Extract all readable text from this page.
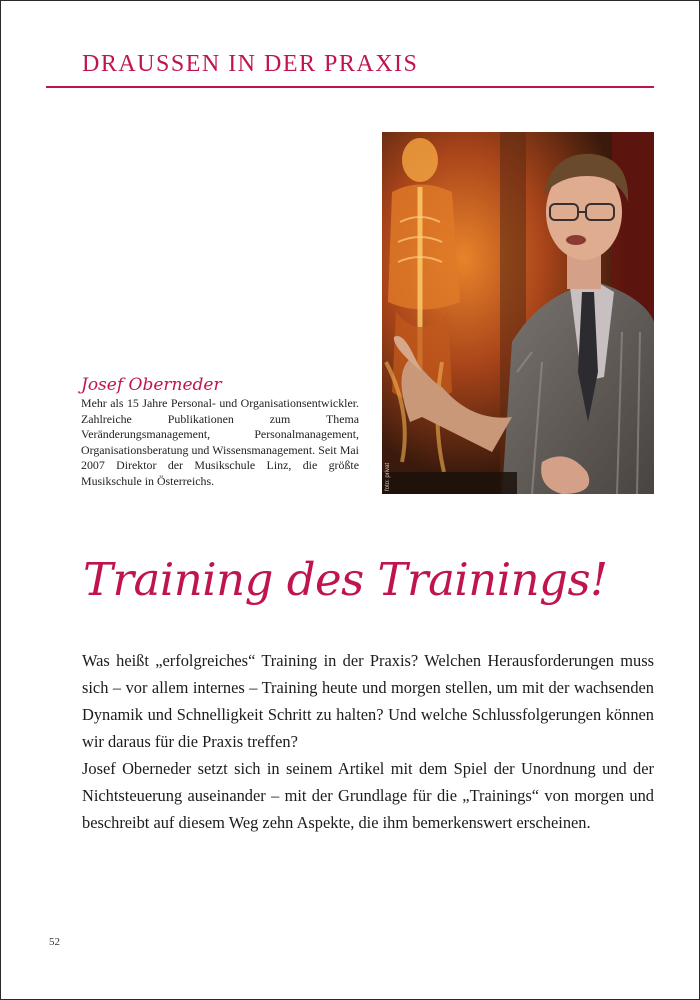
DRAUSSEN IN DER PRAXIS
foto: privat
Josef Oberneder
Mehr als 15 Jahre Personal- und Organisationsentwickler. Zahlreiche Publikationen zum Thema Veränderungsmanagement, Personalmanagement, Organisationsberatung und Wissensmanagement. Seit Mai 2007 Direktor der Musikschule Linz, die größte Musikschule in Österreichs.
Training des Trainings!

Was heißt „erfolgreiches“ Training in der Praxis? Welchen Herausforderungen muss sich – vor allem internes – Training heute und morgen stellen, um mit der wachsenden Dynamik und Schnelligkeit Schritt zu halten? Und welche Schlussfolgerungen können wir daraus für die Praxis treffen?

Josef Oberneder setzt sich in seinem Artikel mit dem Spiel der Unordnung und der Nichtsteuerung auseinander – mit der Grundlage für die „Trainings“ von morgen und beschreibt auf diesem Weg zehn Aspekte, die ihm bemerkenswert erscheinen.

52
